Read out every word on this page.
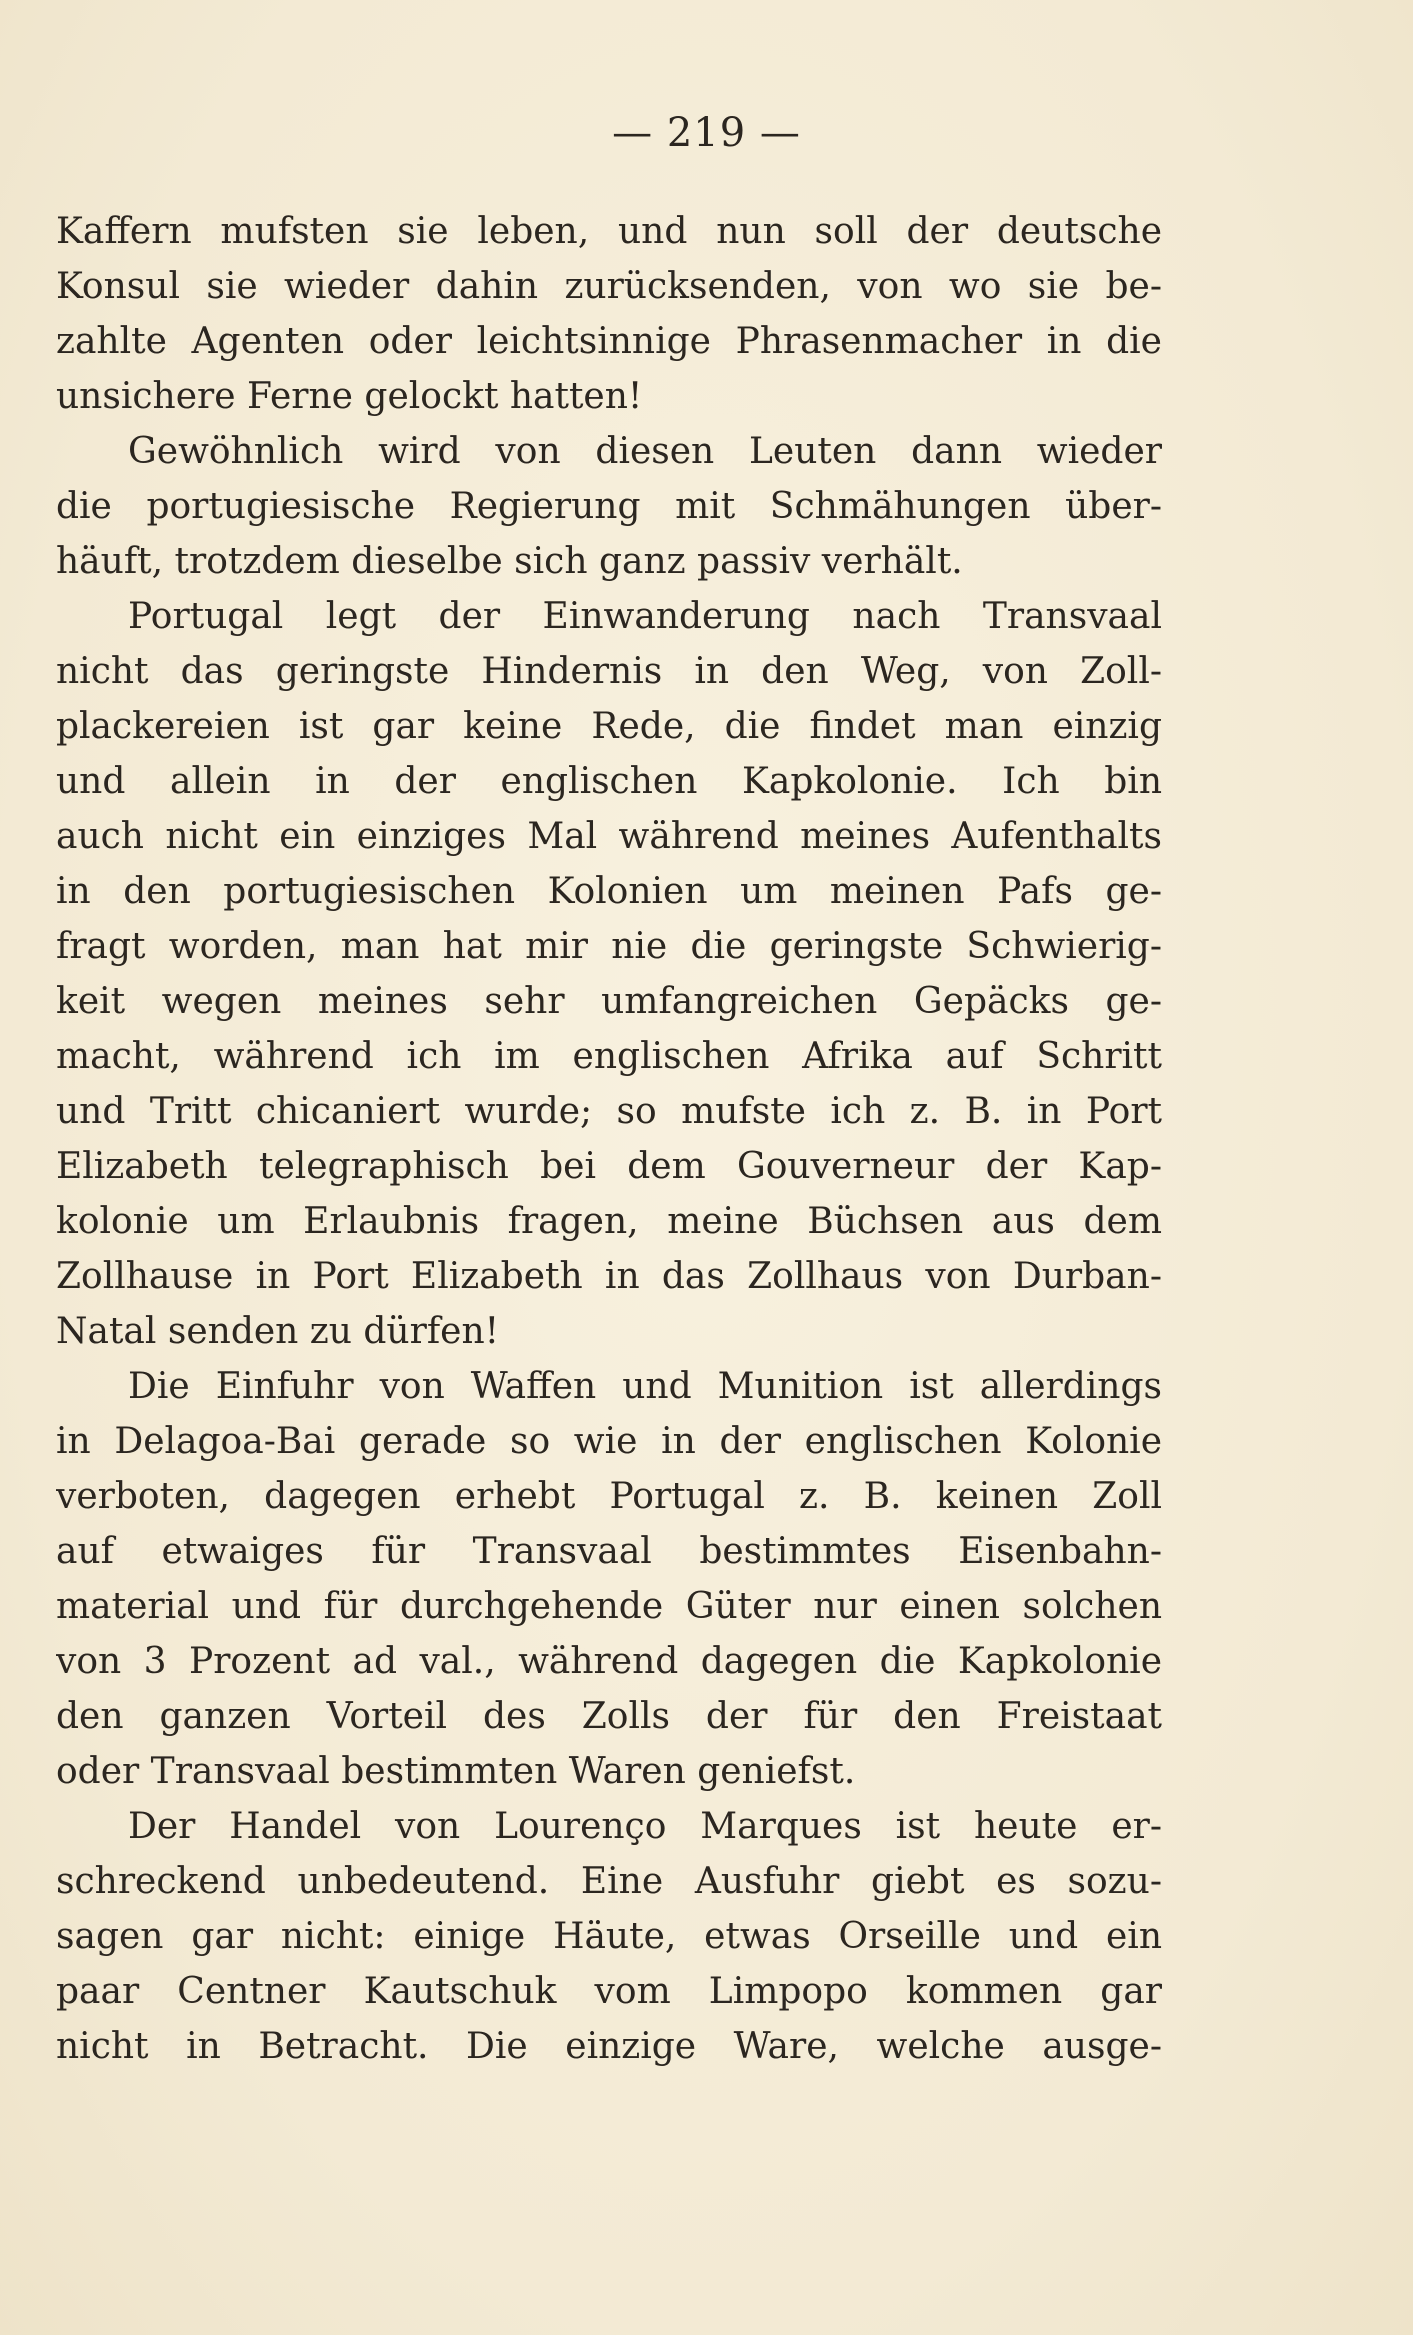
— 219 —
Kaffern mufsten sie leben, und nun soll der deutsche
Konsul sie wieder dahin zurücksenden, von wo sie be-
zahlte Agenten oder leichtsinnige Phrasenmacher in die
unsichere Ferne gelockt hatten!
Gewöhnlich wird von diesen Leuten dann wieder
die portugiesische Regierung mit Schmähungen über-
häuft, trotzdem dieselbe sich ganz passiv verhält.
Portugal legt der Einwanderung nach Transvaal
nicht das geringste Hindernis in den Weg, von Zoll-
plackereien ist gar keine Rede, die findet man einzig
und allein in der englischen Kapkolonie. Ich bin
auch nicht ein einziges Mal während meines Aufenthalts
in den portugiesischen Kolonien um meinen Pafs ge-
fragt worden, man hat mir nie die geringste Schwierig-
keit wegen meines sehr umfangreichen Gepäcks ge-
macht, während ich im englischen Afrika auf Schritt
und Tritt chicaniert wurde; so mufste ich z. B. in Port
Elizabeth telegraphisch bei dem Gouverneur der Kap-
kolonie um Erlaubnis fragen, meine Büchsen aus dem
Zollhause in Port Elizabeth in das Zollhaus von Durban-
Natal senden zu dürfen!
Die Einfuhr von Waffen und Munition ist allerdings
in Delagoa-Bai gerade so wie in der englischen Kolonie
verboten, dagegen erhebt Portugal z. B. keinen Zoll
auf etwaiges für Transvaal bestimmtes Eisenbahn-
material und für durchgehende Güter nur einen solchen
von 3 Prozent ad val., während dagegen die Kapkolonie
den ganzen Vorteil des Zolls der für den Freistaat
oder Transvaal bestimmten Waren geniefst.
Der Handel von Lourenço Marques ist heute er-
schreckend unbedeutend. Eine Ausfuhr giebt es sozu-
sagen gar nicht: einige Häute, etwas Orseille und ein
paar Centner Kautschuk vom Limpopo kommen gar
nicht in Betracht. Die einzige Ware, welche ausge-
